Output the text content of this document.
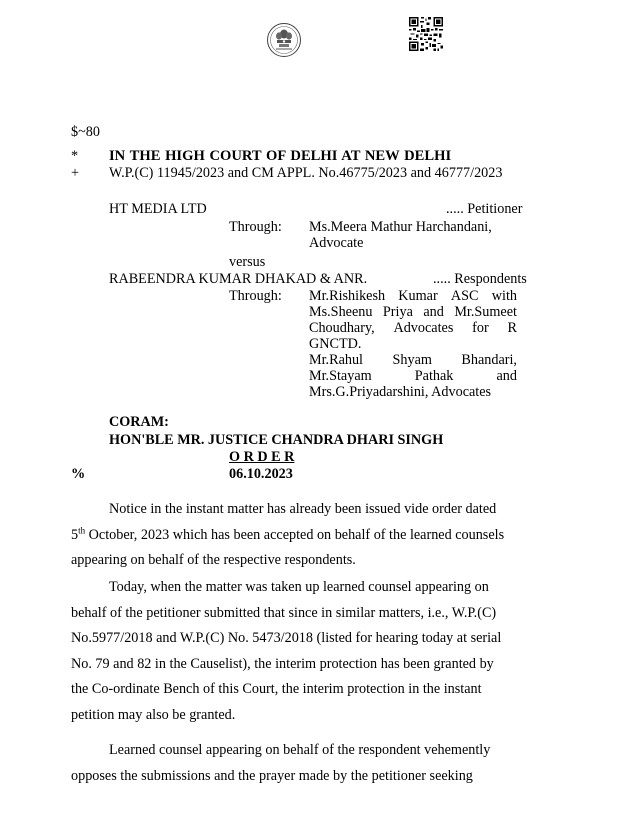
$~80
* IN THE HIGH COURT OF DELHI AT NEW DELHI
+ W.P.(C) 11945/2023 and CM APPL. No.46775/2023 and 46777/2023
HT MEDIA LTD	..... Petitioner
Through: Ms.Meera Mathur Harchandani,
Advocate
versus
RABEENDRA KUMAR DHAKAD & ANR.	..... Respondents
Through: Mr.Rishikesh Kumar ASC with
Ms.Sheenu Priya and Mr.Sumeet
Choudhary, Advocates for R
GNCTD.
Mr.Rahul Shyam Bhandari,
Mr.Stayam	Pathak	and
Mrs.G.Priyadarshini, Advocates
CORAM:
HON'BLE MR. JUSTICE CHANDRA DHARI SINGH
O R D E R
%	06.10.2023
Notice in the instant matter has already been issued vide order dated
5th October, 2023 which has been accepted on behalf of the learned counsels
appearing on behalf of the respective respondents.
Today, when the matter was taken up learned counsel appearing on
behalf of the petitioner submitted that since in similar matters, i.e., W.P.(C)
No.5977/2018 and W.P.(C) No. 5473/2018 (listed for hearing today at serial
No. 79 and 82 in the Causelist), the interim protection has been granted by
the Co-ordinate Bench of this Court, the interim protection in the instant
petition may also be granted.
Learned counsel appearing on behalf of the respondent vehemently
opposes the submissions and the prayer made by the petitioner seeking
